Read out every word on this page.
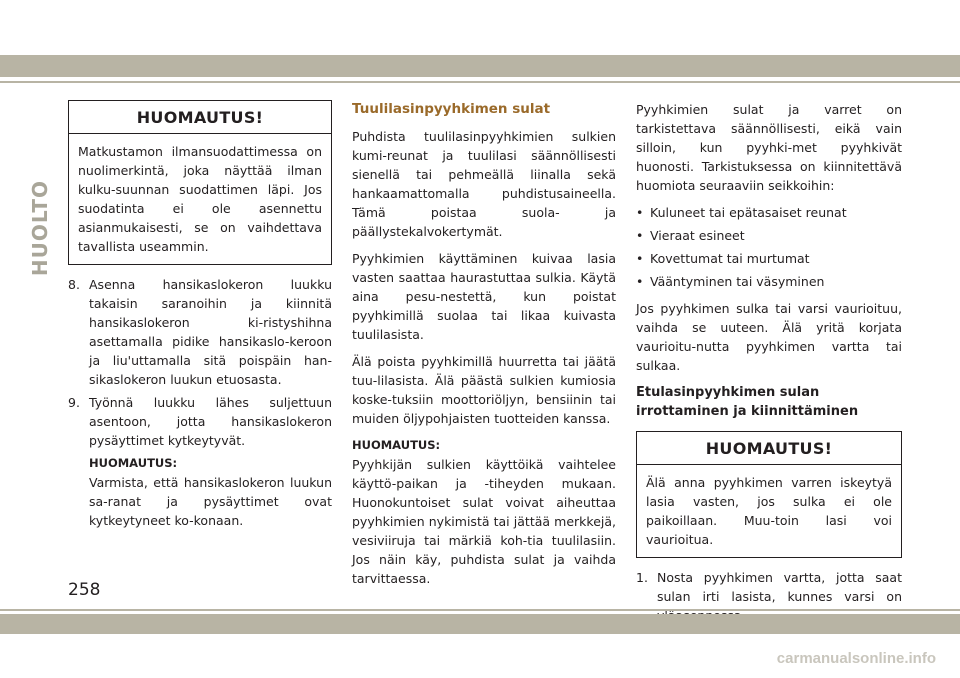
HUOLTO
HUOMAUTUS!
Matkustamon ilmansuodattimessa on nuolimerkintä, joka näyttää ilman kulku-suunnan suodattimen läpi. Jos suodatinta ei ole asennettu asianmukaisesti, se on vaihdettava tavallista useammin.
8. Asenna hansikaslokeron luukku takaisin saranoihin ja kiinnitä hansikaslokeron ki-ristyshihna asettamalla pidike hansikaslo-keroon ja liu'uttamalla sitä poispäin han-sikaslokeron luukun etuosasta.
9. Työnnä luukku lähes suljettuun asentoon, jotta hansikaslokeron pysäyttimet kytkeytyvät.
HUOMAUTUS:
Varmista, että hansikaslokeron luukun sa-ranat ja pysäyttimet ovat kytkeytyneet ko-konaan.
Tuulilasinpyyhkimen sulat
Puhdista tuulilasinpyyhkimien sulkien kumi-reunat ja tuulilasi säännöllisesti sienellä tai pehmeällä liinalla sekä hankaamattomalla puhdistusaineella. Tämä poistaa suola- ja päällystekalvokertymät.
Pyyhkimien käyttäminen kuivaa lasia vasten saattaa haurastuttaa sulkia. Käytä aina pesu-nestettä, kun poistat pyyhkimillä suolaa tai likaa kuivasta tuulilasista.
Älä poista pyyhkimillä huurretta tai jäätä tuu-lilasista. Älä päästä sulkien kumiosia koske-tuksiin moottoriöljyn, bensiinin tai muiden öljypohjaisten tuotteiden kanssa.
HUOMAUTUS:
Pyyhkijän sulkien käyttöikä vaihtelee käyttö-paikan ja -tiheyden mukaan. Huonokuntoiset sulat voivat aiheuttaa pyyhkimien nykimistä tai jättää merkkejä, vesiviiruja tai märkiä koh-tia tuulilasiin. Jos näin käy, puhdista sulat ja vaihda tarvittaessa.
Pyyhkimien sulat ja varret on tarkistettava säännöllisesti, eikä vain silloin, kun pyyhki-met pyyhkivät huonosti. Tarkistuksessa on kiinnitettävä huomiota seuraaviin seikkoihin:
• Kuluneet tai epätasaiset reunat
• Vieraat esineet
• Kovettumat tai murtumat
• Vääntyminen tai väsyminen
Jos pyyhkimen sulka tai varsi vaurioituu, vaihda se uuteen. Älä yritä korjata vaurioitu-nutta pyyhkimen vartta tai sulkaa.
Etulasinpyyhkimen sulan irrottaminen ja kiinnittäminen
HUOMAUTUS!
Älä anna pyyhkimen varren iskeytyä lasia vasten, jos sulka ei ole paikoillaan. Muu-toin lasi voi vaurioitua.
1. Nosta pyyhkimen vartta, jotta saat sulan irti lasista, kunnes varsi on
258
carmanualsonline.info
